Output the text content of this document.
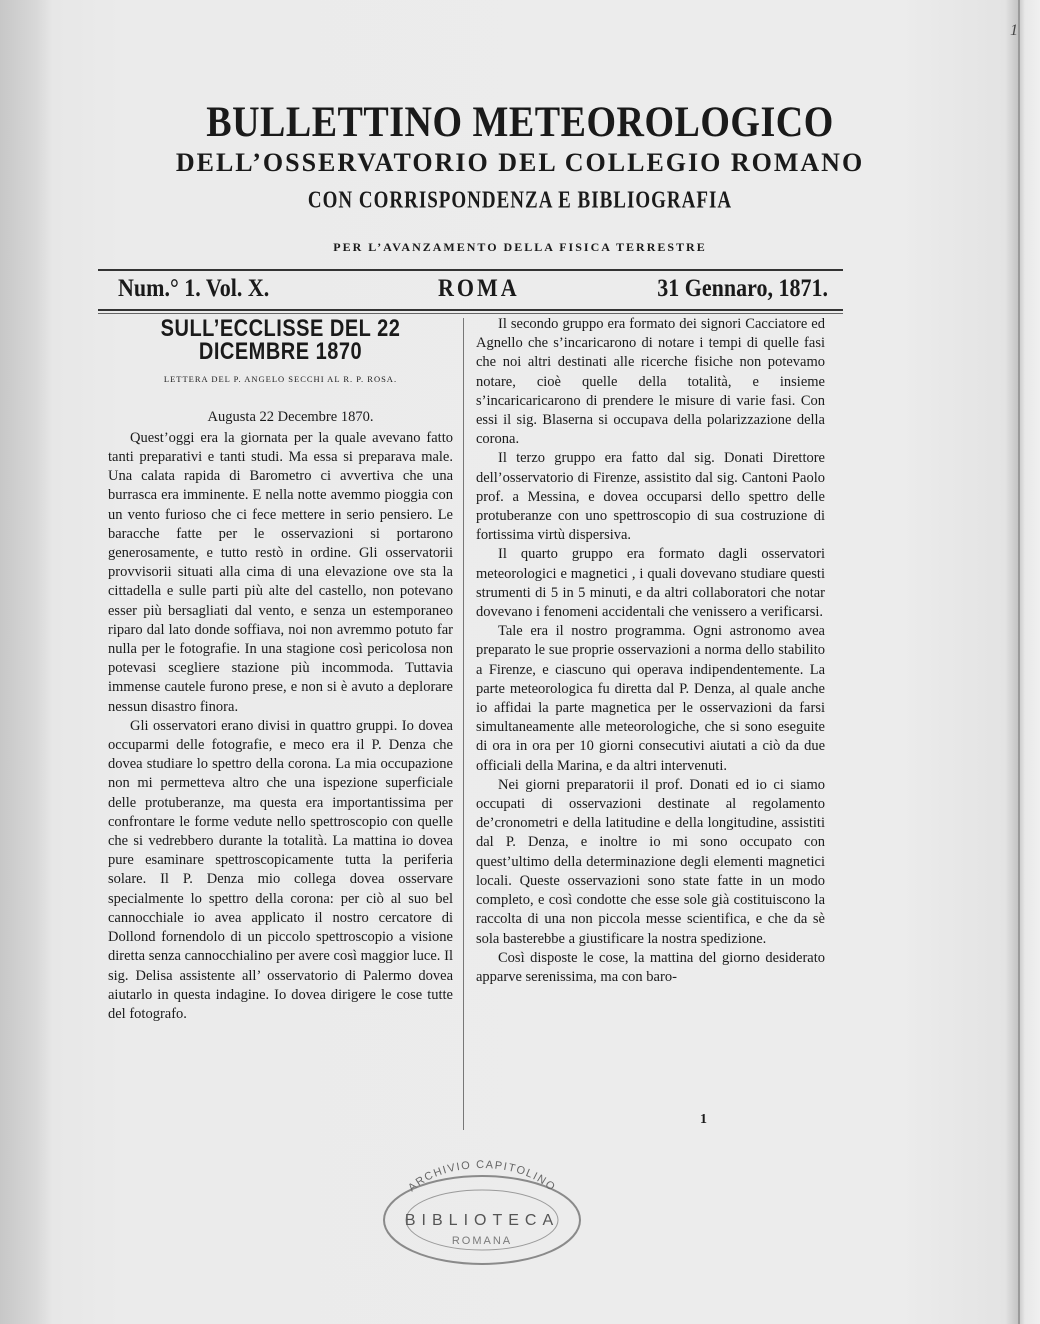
1
BULLETTINO METEOROLOGICO
DELL’OSSERVATORIO DEL COLLEGIO ROMANO
CON CORRISPONDENZA E BIBLIOGRAFIA
PER L’AVANZAMENTO DELLA FISICA TERRESTRE
Num.° 1. Vol. X.	ROMA	31 Gennaro, 1871.
SULL’ECCLISSE DEL 22 DICEMBRE 1870
LETTERA DEL P. ANGELO SECCHI AL R. P. ROSA.
Augusta 22 Decembre 1870.

Quest’oggi era la giornata per la quale avevano fatto tanti preparativi e tanti studi. Ma essa si preparava male. Una calata rapida di Barometro ci avvertiva che una burrasca era imminente. E nella notte avemmo pioggia con un vento furioso che ci fece mettere in serio pensiero. Le baracche fatte per le osservazioni si portarono generosamente, e tutto restò in ordine. Gli osservatorii provvisorii situati alla cima di una elevazione ove sta la cittadella e sulle parti più alte del castello, non potevano esser più bersagliati dal vento, e senza un estemporaneo riparo dal lato donde soffiava, noi non avremmo potuto far nulla per le fotografie. In una stagione così pericolosa non potevasi scegliere stazione più incommoda. Tuttavia immense cautele furono prese, e non si è avuto a deplorare nessun disastro finora.

Gli osservatori erano divisi in quattro gruppi. Io dovea occuparmi delle fotografie, e meco era il P. Denza che dovea studiare lo spettro della corona. La mia occupazione non mi permetteva altro che una ispezione superficiale delle protuberanze, ma questa era importantissima per confrontare le forme vedute nello spettroscopio con quelle che si vedrebbero durante la totalità. La mattina io dovea pure esaminare spettroscopicamente tutta la periferia solare. Il P. Denza mio collega dovea osservare specialmente lo spettro della corona: per ciò al suo bel cannocchiale io avea applicato il nostro cercatore di Dollond fornendolo di un piccolo spettroscopio a visione diretta senza cannocchialino per avere così maggior luce. Il sig. Delisa assistente all’ osservatorio di Palermo dovea aiutarlo in questa indagine. Io dovea dirigere le cose tutte del fotografo.

Il secondo gruppo era formato dei signori Cacciatore ed Agnello che s’incaricarono di notare i tempi di quelle fasi che noi altri destinati alle ricerche fisiche non potevamo notare, cioè quelle della totalità, e insieme s’incaricaricarono di prendere le misure di varie fasi. Con essi il sig. Blaserna si occupava della polarizzazione della corona.

Il terzo gruppo era fatto dal sig. Donati Direttore dell’osservatorio di Firenze, assistito dal sig. Cantoni Paolo prof. a Messina, e dovea occuparsi dello spettro delle protuberanze con uno spettroscopio di sua costruzione di fortissima virtù dispersiva.

Il quarto gruppo era formato dagli osservatori meteorologici e magnetici , i quali dovevano studiare questi strumenti di 5 in 5 minuti, e da altri collaboratori che notar dovevano i fenomeni accidentali che venissero a verificarsi.

Tale era il nostro programma. Ogni astronomo avea preparato le sue proprie osservazioni a norma dello stabilito a Firenze, e ciascuno qui operava indipendentemente. La parte meteorologica fu diretta dal P. Denza, al quale anche io affidai la parte magnetica per le osservazioni da farsi simultaneamente alle meteorologiche, che si sono eseguite di ora in ora per 10 giorni consecutivi aiutati a ciò da due officiali della Marina, e da altri intervenuti.

Nei giorni preparatorii il prof. Donati ed io ci siamo occupati di osservazioni destinate al regolamento de’cronometri e della latitudine e della longitudine, assistiti dal P. Denza, e inoltre io mi sono occupato con quest’ultimo della determinazione degli elementi magnetici locali. Queste osservazioni sono state fatte in un modo completo, e così condotte che esse sole già costituiscono la raccolta di una non piccola messe scientifica, e che da sè sola basterebbe a giustificare la nostra spedizione.

Così disposte le cose, la mattina del giorno desiderato apparve serenissima, ma con baro-

1
ARCHIVIO CAPITOLINO
BIBLIOTECA
ROMANA
